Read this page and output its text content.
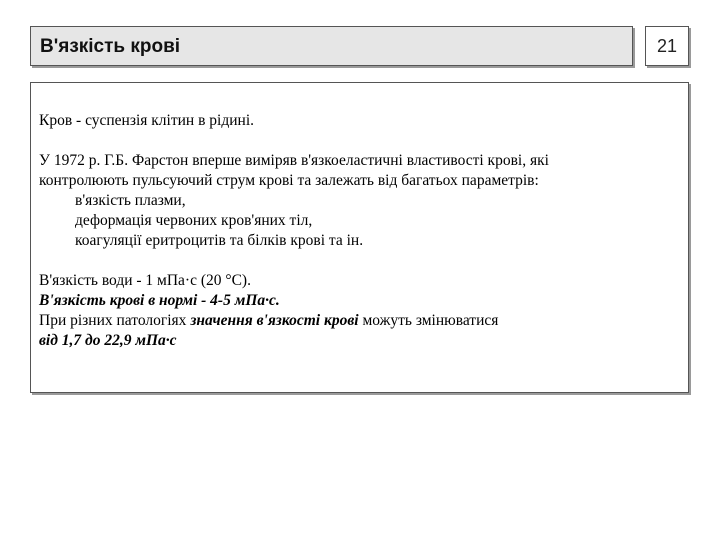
В'язкість крові	21

Кров - суспензія клітин в рідині.

У 1972 р. Г.Б. Фарстон вперше виміряв в'язкоеластичні властивості крові, які

контролюють пульсуючий струм крові та залежать від багатьох параметрів:

в'язкість плазми,

деформація червоних кров'яних тіл,

коагуляції еритроцитів та білків крові та ін.

В'язкість води - 1 мПа·с (20 °С).

В'язкість крові в нормі - 4-5 мПа·с.

При різних патологіях значення в'язкості крові можуть змінюватися

від 1,7 до 22,9 мПа·с
